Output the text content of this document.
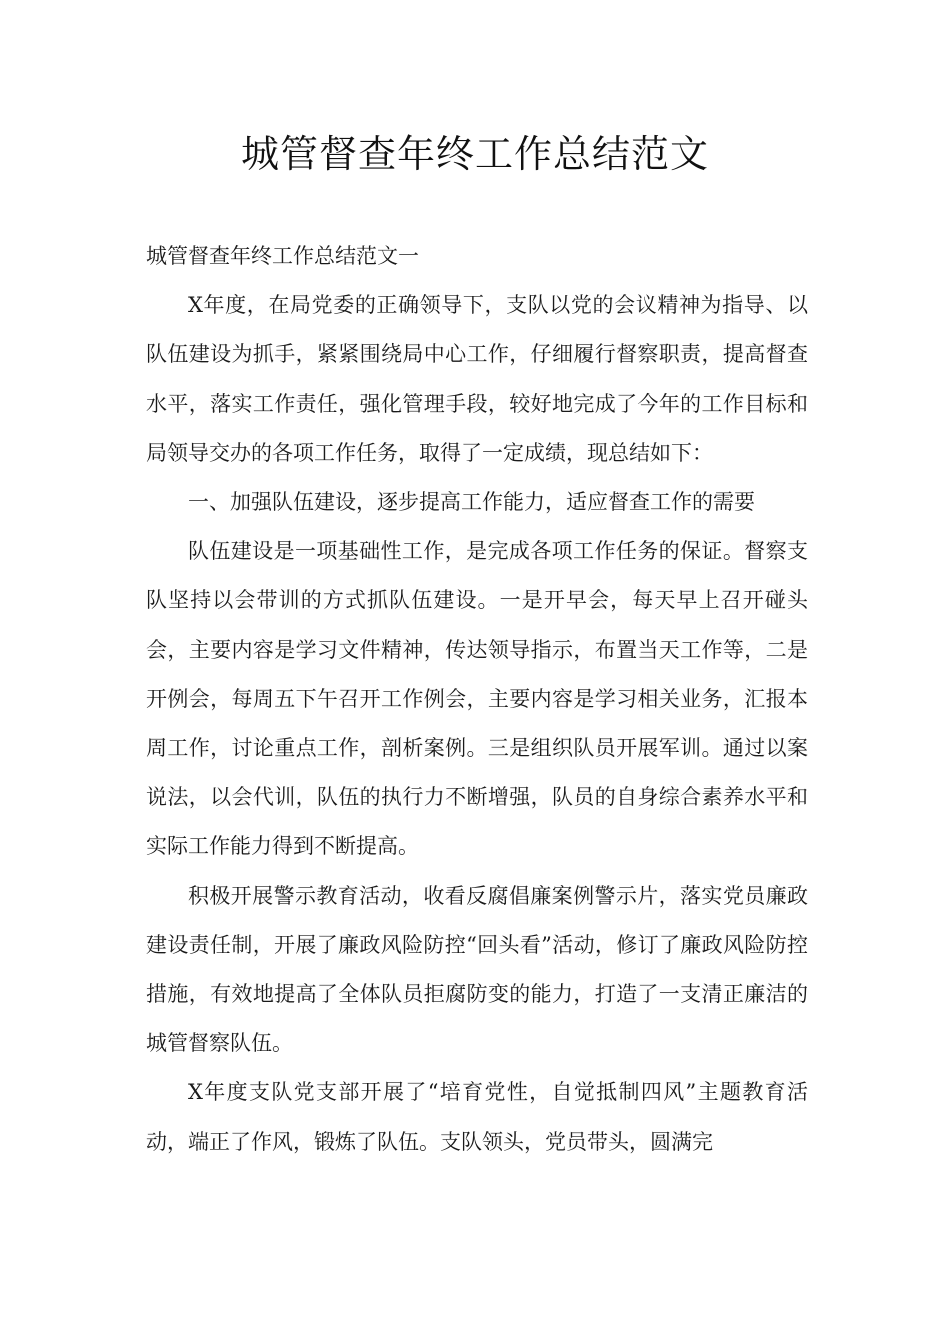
城管督查年终工作总结范文

城管督查年终工作总结范文一

X年度，在局党委的正确领导下，支队以党的会议精神为指导、以队伍建设为抓手，紧紧围绕局中心工作，仔细履行督察职责，提高督查水平，落实工作责任，强化管理手段，较好地完成了今年的工作目标和局领导交办的各项工作任务，取得了一定成绩，现总结如下：

一、加强队伍建设，逐步提高工作能力，适应督查工作的需要

队伍建设是一项基础性工作，是完成各项工作任务的保证。督察支队坚持以会带训的方式抓队伍建设。一是开早会，每天早上召开碰头会，主要内容是学习文件精神，传达领导指示，布置当天工作等，二是开例会，每周五下午召开工作例会，主要内容是学习相关业务，汇报本周工作，讨论重点工作，剖析案例。三是组织队员开展军训。通过以案说法，以会代训，队伍的执行力不断增强，队员的自身综合素养水平和实际工作能力得到不断提高。

积极开展警示教育活动，收看反腐倡廉案例警示片，落实党员廉政建设责任制，开展了廉政风险防控“回头看”活动，修订了廉政风险防控措施，有效地提高了全体队员拒腐防变的能力，打造了一支清正廉洁的城管督察队伍。

X年度支队党支部开展了“培育党性，自觉抵制四风”主题教育活动，端正了作风，锻炼了队伍。支队领头，党员带头，圆满完
